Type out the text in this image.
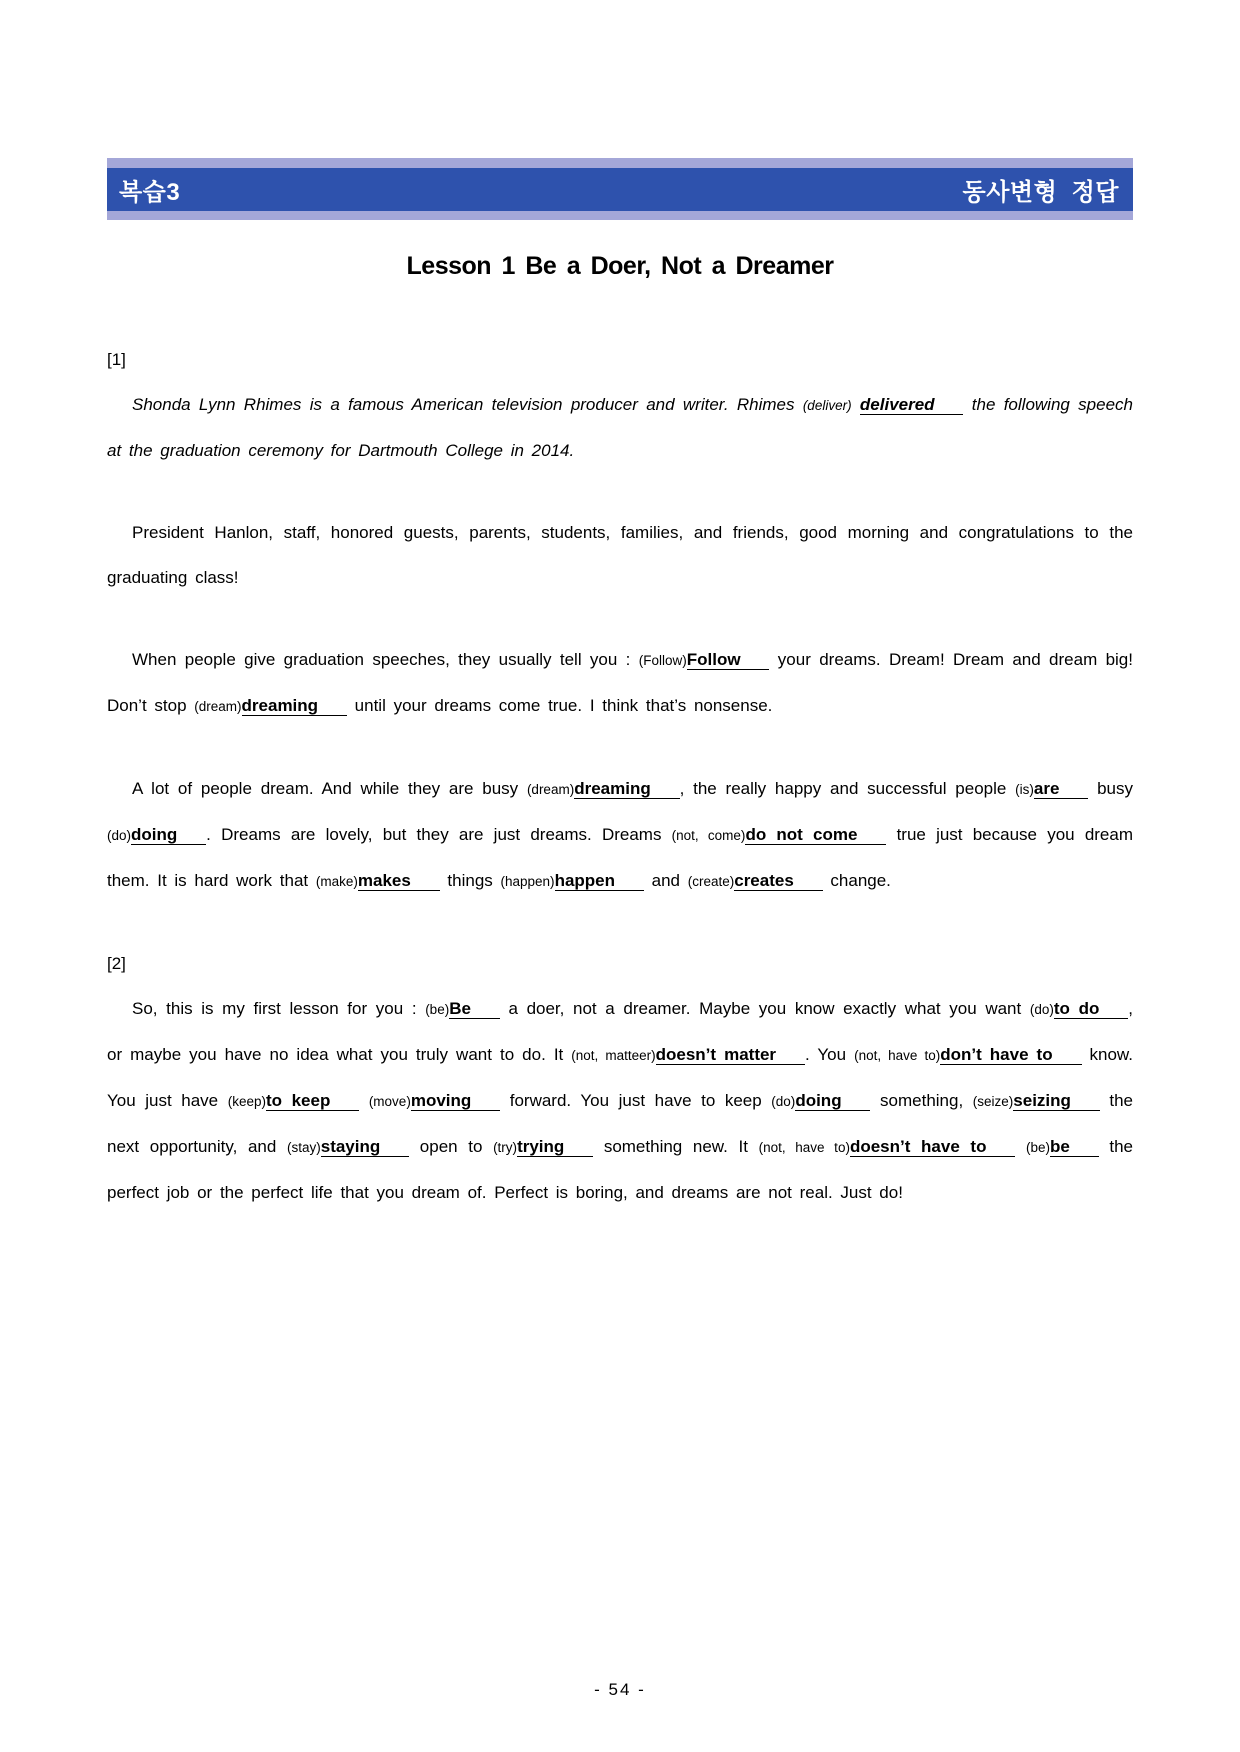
복습3	동사변형  정답
Lesson 1 Be a Doer, Not a Dreamer

[1]

Shonda Lynn Rhimes is a famous American television producer and writer. Rhimes (deliver) delivered the following speech at the graduation ceremony for Dartmouth College in 2014.

President Hanlon, staff, honored guests, parents, students, families, and friends, good morning and congratulations to the graduating class!

When people give graduation speeches, they usually tell you : (Follow)Follow your dreams. Dream! Dream and dream big! Don’t stop (dream)dreaming until your dreams come true. I think that’s nonsense.

A lot of people dream. And while they are busy (dream)dreaming , the really happy and successful people (is)are busy (do)doing . Dreams are lovely, but they are just dreams. Dreams (not, come)do not come true just because you dream them. It is hard work that (make)makes things (happen)happen and (create)creates change.

[2]

So, this is my first lesson for you : (be)Be a doer, not a dreamer. Maybe you know exactly what you want (do)to do , or maybe you have no idea what you truly want to do. It (not, matteer)doesn’t matter . You (not, have to)don’t have to know. You just have (keep)to keep	(move)moving forward. You just have to keep (do)doing something, (seize)seizing the next opportunity, and (stay)staying open to (try)trying something new. It (not, have to)doesn’t have to	(be)be the perfect job or the perfect life that you dream of. Perfect is boring, and dreams are not real. Just do!

- 54 -
